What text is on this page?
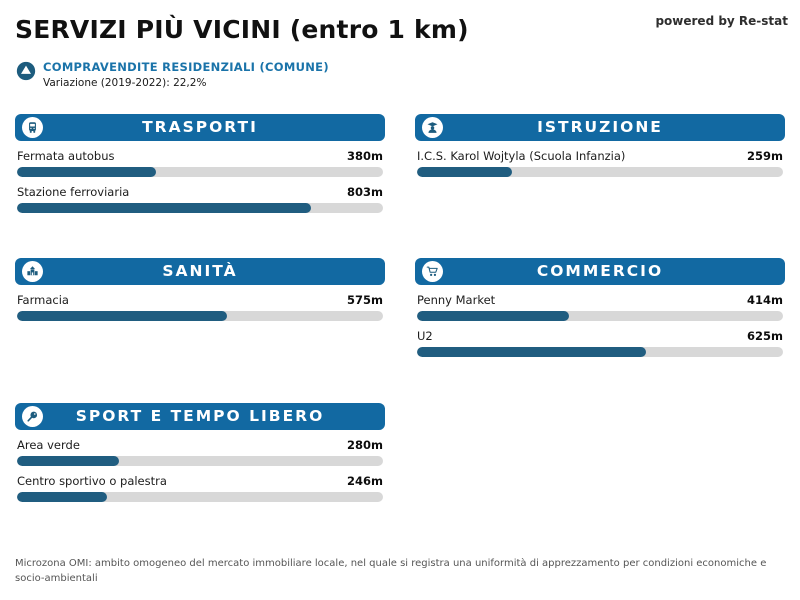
SERVIZI PIÙ VICINI (entro 1 km)	powered by Re-stat
COMPRAVENDITE RESIDENZIALI (COMUNE)
Variazione (2019-2022): 22,2%
TRASPORTI
Fermata autobus	380m
Stazione ferroviaria	803m
ISTRUZIONE
I.C.S. Karol Wojtyla (Scuola Infanzia)	259m
SANITÀ
Farmacia	575m
COMMERCIO
Penny Market	414m
U2	625m
SPORT E TEMPO LIBERO
Area verde	280m
Centro sportivo o palestra	246m
Microzona OMI: ambito omogeneo del mercato immobiliare locale, nel quale si registra una uniformità di apprezzamento per condizioni economiche e socio-ambientali
